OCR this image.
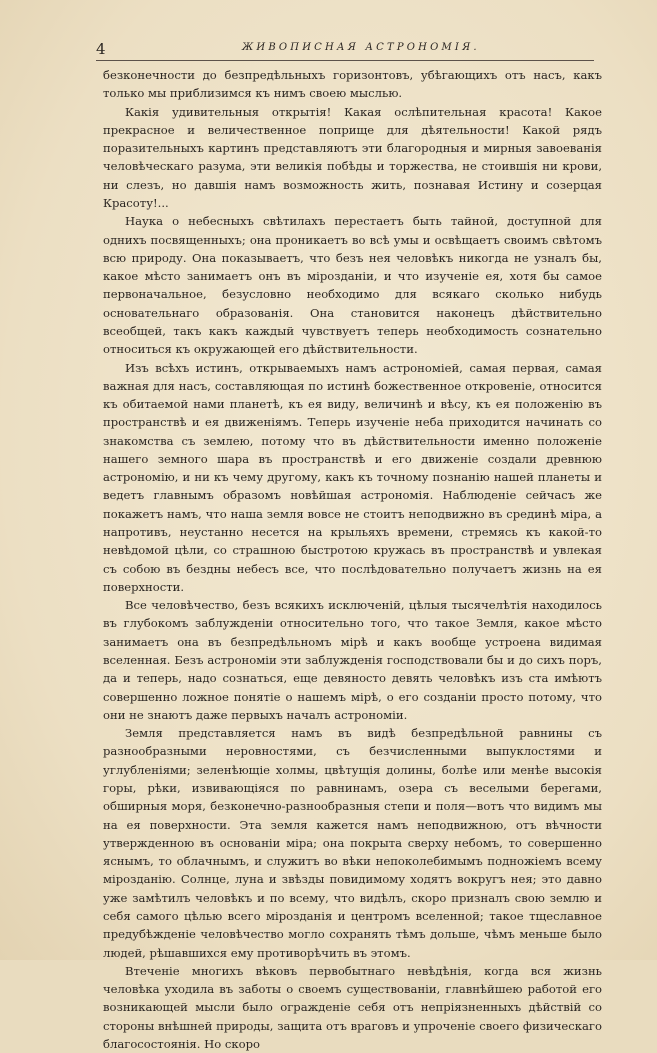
4	ЖИВОПИСНАЯ АСТРОНОМІЯ.

безконечности до безпредѣльныхъ горизонтовъ, убѣгающихъ отъ насъ, какъ только мы приблизимся къ нимъ своею мыслью.

Какія удивительныя открытія! Какая ослѣпительная красота! Какое прекрасное и величественное поприще для дѣятельности! Какой рядъ поразительныхъ картинъ представляютъ эти благородныя и мирныя завоеванія человѣческаго разума, эти великія побѣды и торжества, не стоившія ни крови, ни слезъ, но давшія намъ возможность жить, познавая Истину и созерцая Красоту!...

Наука о небесныхъ свѣтилахъ перестаетъ быть тайной, доступной для однихъ посвященныхъ; она проникаетъ во всѣ умы и освѣщаетъ своимъ свѣтомъ всю природу. Она показываетъ, что безъ нея человѣкъ никогда не узналъ бы, какое мѣсто занимаетъ онъ въ мірозданіи, и что изученіе ея, хотя бы самое первоначальное, безусловно необходимо для всякаго сколько нибудь основательнаго образованія. Она становится наконецъ дѣйствительно всеобщей, такъ какъ каждый чувствуетъ теперь необходимость сознательно относиться къ окружающей его дѣйствительности.

Изъ всѣхъ истинъ, открываемыхъ намъ астрономіей, самая первая, самая важная для насъ, составляющая по истинѣ божественное откровеніе, относится къ обитаемой нами планетѣ, къ ея виду, величинѣ и вѣсу, къ ея положенію въ пространствѣ и ея движеніямъ. Теперь изученіе неба приходится начинать со знакомства съ землею, потому что въ дѣйствительности именно положеніе нашего земного шара въ пространствѣ и его движеніе создали древнюю астрономію, и ни къ чему другому, какъ къ точному познанію нашей планеты и ведетъ главнымъ образомъ новѣйшая астрономія. Наблюденіе сейчасъ же покажетъ намъ, что наша земля вовсе не стоитъ неподвижно въ срединѣ міра, а напротивъ, неустанно несется на крыльяхъ времени, стремясь къ какой-то невѣдомой цѣли, со страшною быстротою кружась въ пространствѣ и увлекая съ собою въ бездны небесъ все, что послѣдовательно получаетъ жизнь на ея поверхности.

Все человѣчество, безъ всякихъ исключеній, цѣлыя тысячелѣтія находилось въ глубокомъ заблужденіи относительно того, что такое Земля, какое мѣсто занимаетъ она въ безпредѣльномъ мірѣ и какъ вообще устроена видимая вселенная. Безъ астрономіи эти заблужденія господствовали бы и до сихъ поръ, да и теперь, надо сознаться, еще девяносто девять человѣкъ изъ ста имѣютъ совершенно ложное понятіе о нашемъ мірѣ, о его созданіи просто потому, что они не знаютъ даже первыхъ началъ астрономіи.

Земля представляется намъ въ видѣ безпредѣльной равнины съ разнообразными неровностями, съ безчисленными выпуклостями и углубленіями; зеленѣющіе холмы, цвѣтущія долины, болѣе или менѣе высокія горы, рѣки, извивающіяся по равнинамъ, озера съ веселыми берегами, обширныя моря, безконечно-разнообразныя степи и поля—вотъ что видимъ мы на ея поверхности. Эта земля кажется намъ неподвижною, отъ вѣчности утвержденною въ основаніи міра; она покрыта сверху небомъ, то совершенно яснымъ, то облачнымъ, и служитъ во вѣки непоколебимымъ подножіемъ всему мірозданію. Солнце, луна и звѣзды повидимому ходятъ вокругъ нея; это давно уже замѣтилъ человѣкъ и по всему, что видѣлъ, скоро призналъ свою землю и себя самого цѣлью всего мірозданія и центромъ вселенной; такое тщеславное предубѣжденіе человѣчество могло сохранять тѣмъ дольше, чѣмъ меньше было людей, рѣшавшихся ему противорѣчить въ этомъ.

Втеченіе многихъ вѣковъ первобытнаго невѣдѣнія, когда вся жизнь человѣка уходила въ заботы о своемъ существованіи, главнѣйшею работой его возникающей мысли было огражденіе себя отъ непріязненныхъ дѣйствій со стороны внѣшней природы, защита отъ враговъ и упроченіе своего физическаго благосостоянія. Но скоро
